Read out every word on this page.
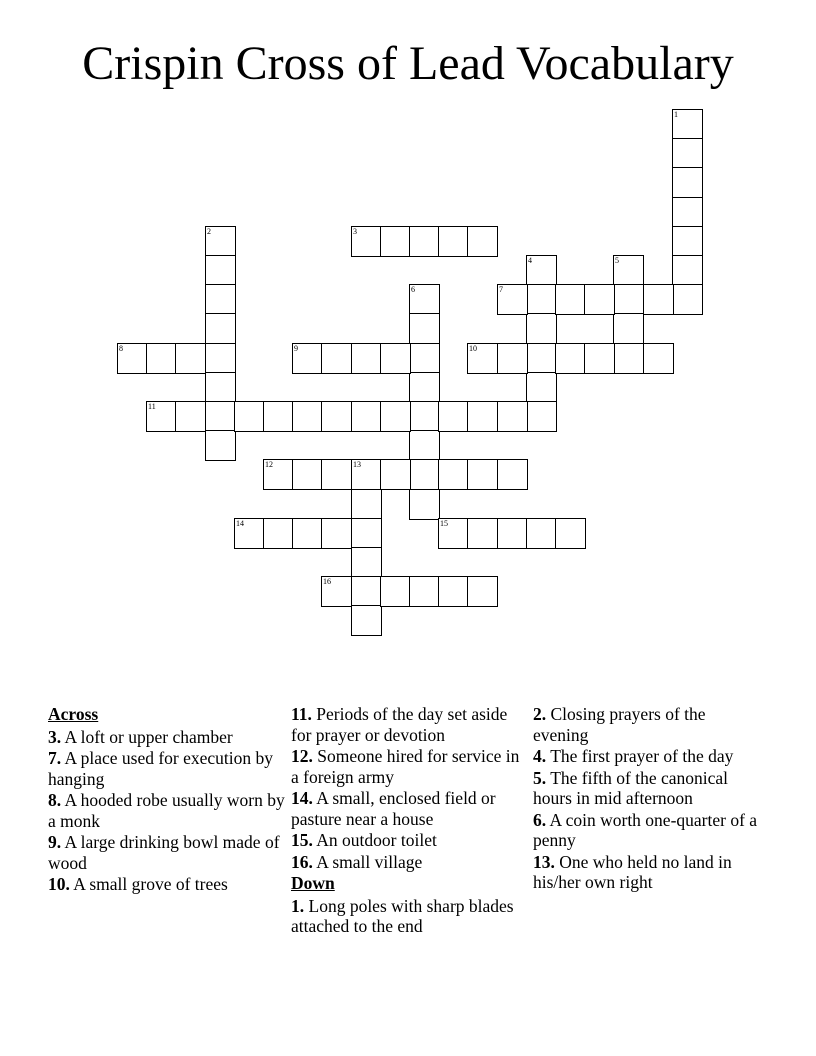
Crispin Cross of Lead Vocabulary
1
2	3
4	5
6	7
8	9	10
11
12	13
14	15
16
Across
3. A loft or upper chamber
7. A place used for execution by hanging
8. A hooded robe usually worn by a monk
9. A large drinking bowl made of wood
10. A small grove of trees
11. Periods of the day set aside for prayer or devotion
12. Someone hired for service in a foreign army
14. A small, enclosed field or pasture near a house
15. An outdoor toilet
16. A small village
Down
1. Long poles with sharp blades attached to the end
2. Closing prayers of the evening
4. The first prayer of the day
5. The fifth of the canonical hours in mid afternoon
6. A coin worth one-quarter of a penny
13. One who held no land in his/her own right
